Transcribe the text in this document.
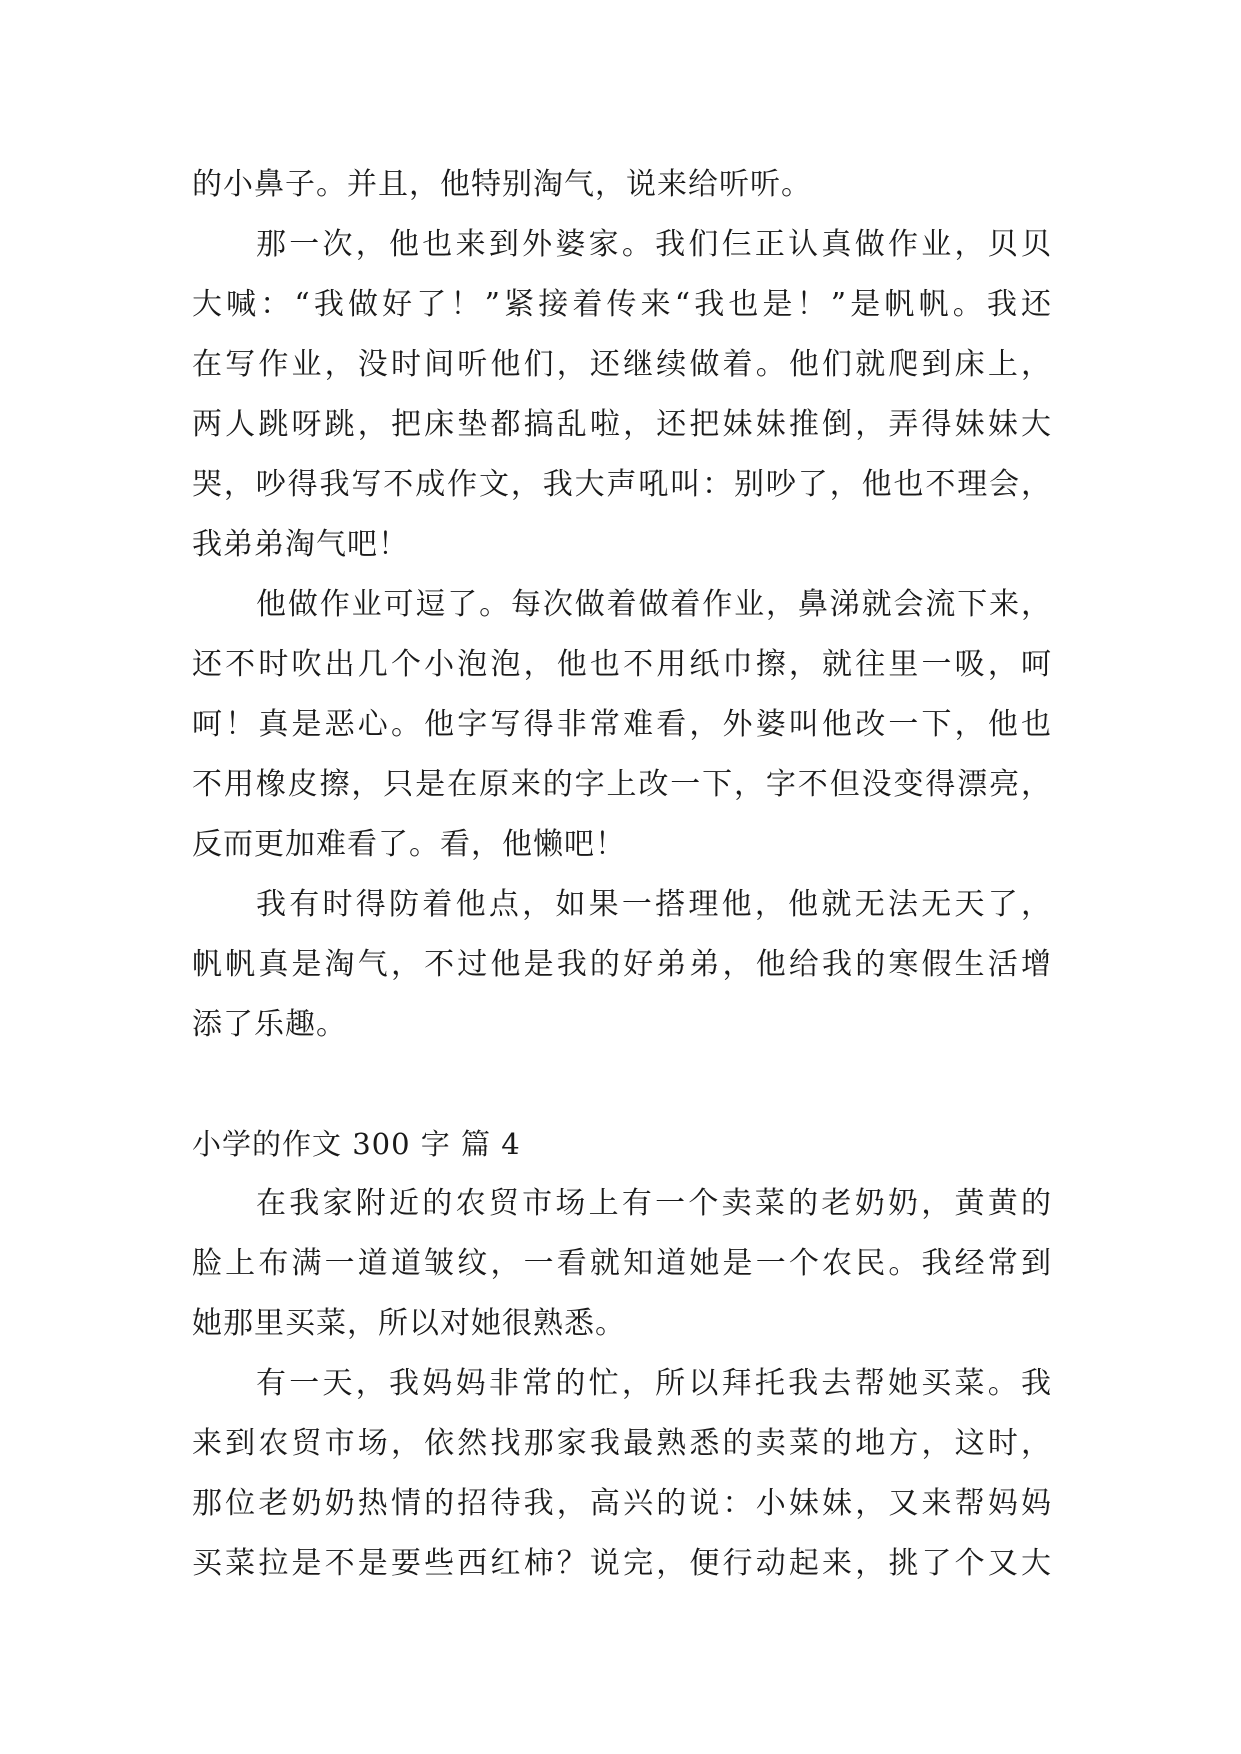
的小鼻子。并且，他特别淘气，说来给听听。
那一次，他也来到外婆家。我们仨正认真做作业，贝贝
大喊：“我做好了！”紧接着传来“我也是！”是帆帆。我还
在写作业，没时间听他们，还继续做着。他们就爬到床上，
两人跳呀跳，把床垫都搞乱啦，还把妹妹推倒，弄得妹妹大
哭，吵得我写不成作文，我大声吼叫：别吵了，他也不理会，
我弟弟淘气吧！
他做作业可逗了。每次做着做着作业，鼻涕就会流下来，
还不时吹出几个小泡泡，他也不用纸巾擦，就往里一吸，呵
呵！真是恶心。他字写得非常难看，外婆叫他改一下，他也
不用橡皮擦，只是在原来的字上改一下，字不但没变得漂亮，
反而更加难看了。看，他懒吧！
我有时得防着他点，如果一搭理他，他就无法无天了，
帆帆真是淘气，不过他是我的好弟弟，他给我的寒假生活增
添了乐趣。
小学的作文 300 字 篇 4
在我家附近的农贸市场上有一个卖菜的老奶奶，黄黄的
脸上布满一道道皱纹，一看就知道她是一个农民。我经常到
她那里买菜，所以对她很熟悉。
有一天，我妈妈非常的忙，所以拜托我去帮她买菜。我
来到农贸市场，依然找那家我最熟悉的卖菜的地方，这时，
那位老奶奶热情的招待我，高兴的说：小妹妹，又来帮妈妈
买菜拉是不是要些西红柿？说完，便行动起来，挑了个又大
